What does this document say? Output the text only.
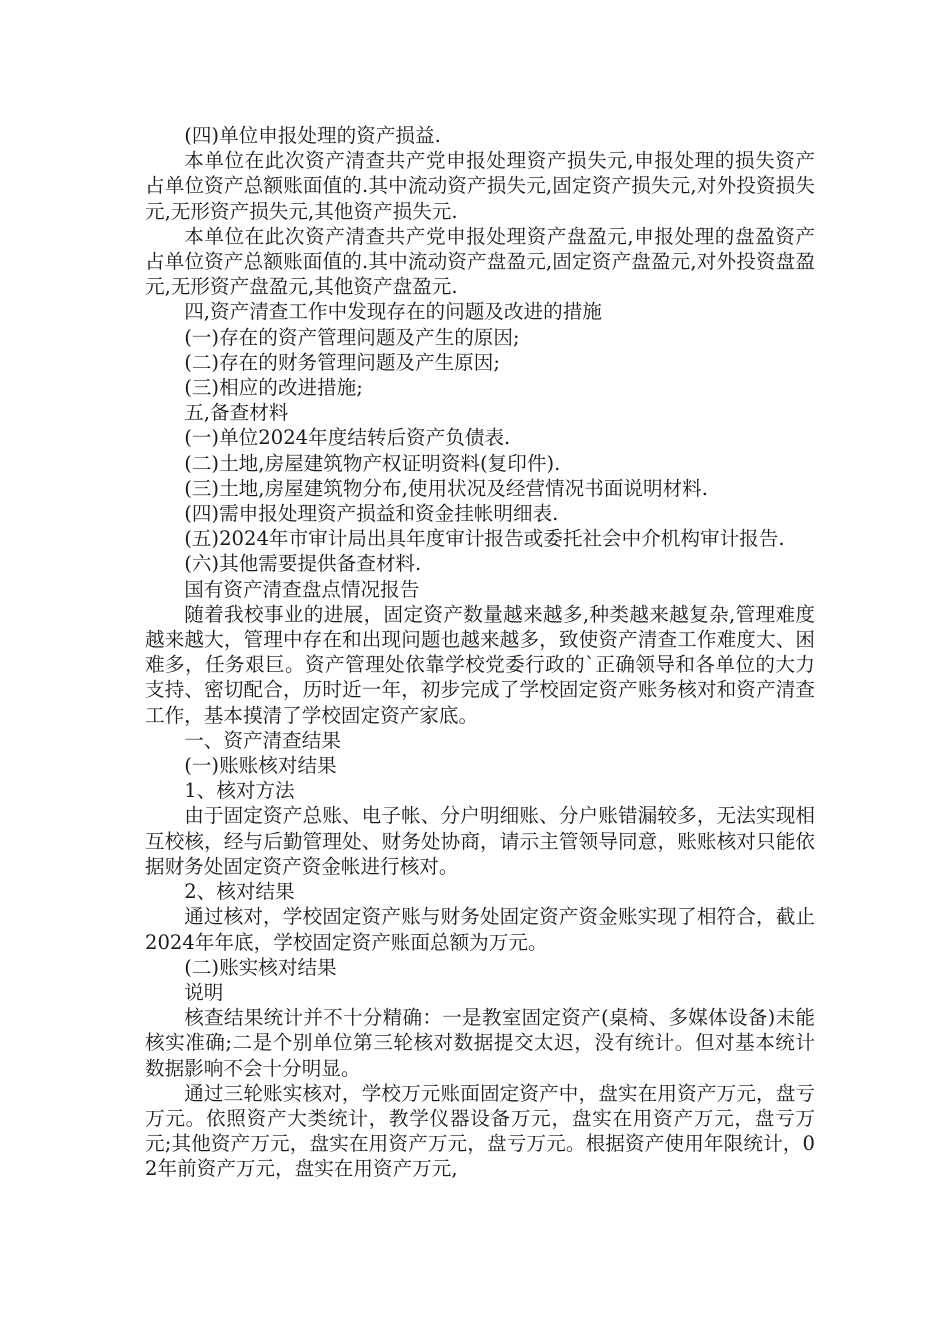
(四)单位申报处理的资产损益.

本单位在此次资产清查共产党申报处理资产损失元,申报处理的损失资产占单位资产总额账面值的.其中流动资产损失元,固定资产损失元,对外投资损失元,无形资产损失元,其他资产损失元.

本单位在此次资产清查共产党申报处理资产盘盈元,申报处理的盘盈资产占单位资产总额账面值的.其中流动资产盘盈元,固定资产盘盈元,对外投资盘盈元,无形资产盘盈元,其他资产盘盈元.

四,资产清查工作中发现存在的问题及改进的措施

(一)存在的资产管理问题及产生的原因;

(二)存在的财务管理问题及产生原因;

(三)相应的改进措施;

五,备查材料

(一)单位2024年度结转后资产负债表.

(二)土地,房屋建筑物产权证明资料(复印件).

(三)土地,房屋建筑物分布,使用状况及经营情况书面说明材料.

(四)需申报处理资产损益和资金挂帐明细表.

(五)2024年市审计局出具年度审计报告或委托社会中介机构审计报告.

(六)其他需要提供备查材料.

国有资产清查盘点情况报告

随着我校事业的进展，固定资产数量越来越多,种类越来越复杂,管理难度越来越大，管理中存在和出现问题也越来越多，致使资产清查工作难度大、困难多，任务艰巨。资产管理处依靠学校党委行政的`正确领导和各单位的大力支持、密切配合，历时近一年，初步完成了学校固定资产账务核对和资产清查工作，基本摸清了学校固定资产家底。

一、资产清查结果

(一)账账核对结果

1、核对方法

由于固定资产总账、电子帐、分户明细账、分户账错漏较多，无法实现相互校核，经与后勤管理处、财务处协商，请示主管领导同意，账账核对只能依据财务处固定资产资金帐进行核对。

2、核对结果

通过核对，学校固定资产账与财务处固定资产资金账实现了相符合，截止2024年年底，学校固定资产账面总额为万元。

(二)账实核对结果

说明

核查结果统计并不十分精确：一是教室固定资产(桌椅、多媒体设备)未能核实准确;二是个别单位第三轮核对数据提交太迟，没有统计。但对基本统计数据影响不会十分明显。

通过三轮账实核对，学校万元账面固定资产中，盘实在用资产万元，盘亏万元。依照资产大类统计，教学仪器设备万元，盘实在用资产万元，盘亏万元;其他资产万元，盘实在用资产万元，盘亏万元。根据资产使用年限统计，02年前资产万元，盘实在用资产万元,
